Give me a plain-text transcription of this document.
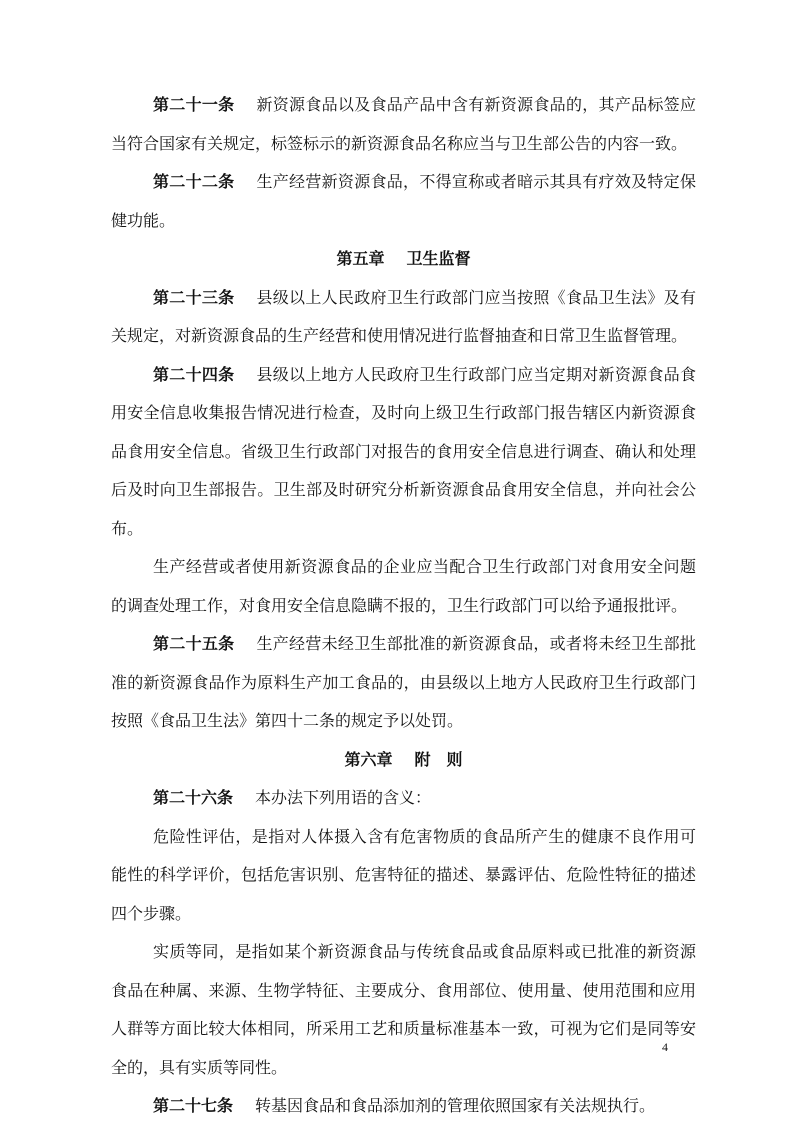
第二十一条 新资源食品以及食品产品中含有新资源食品的，其产品标签应当符合国家有关规定，标签标示的新资源食品名称应当与卫生部公告的内容一致。

第二十二条 生产经营新资源食品，不得宣称或者暗示其具有疗效及特定保健功能。

第五章 卫生监督

第二十三条 县级以上人民政府卫生行政部门应当按照《食品卫生法》及有关规定，对新资源食品的生产经营和使用情况进行监督抽查和日常卫生监督管理。

第二十四条 县级以上地方人民政府卫生行政部门应当定期对新资源食品食用安全信息收集报告情况进行检查，及时向上级卫生行政部门报告辖区内新资源食品食用安全信息。省级卫生行政部门对报告的食用安全信息进行调查、确认和处理后及时向卫生部报告。卫生部及时研究分析新资源食品食用安全信息，并向社会公布。

生产经营或者使用新资源食品的企业应当配合卫生行政部门对食用安全问题的调查处理工作，对食用安全信息隐瞒不报的，卫生行政部门可以给予通报批评。

第二十五条 生产经营未经卫生部批准的新资源食品，或者将未经卫生部批准的新资源食品作为原料生产加工食品的，由县级以上地方人民政府卫生行政部门按照《食品卫生法》第四十二条的规定予以处罚。

第六章 附　则

第二十六条 本办法下列用语的含义：

危险性评估，是指对人体摄入含有危害物质的食品所产生的健康不良作用可能性的科学评价，包括危害识别、危害特征的描述、暴露评估、危险性特征的描述四个步骤。

实质等同，是指如某个新资源食品与传统食品或食品原料或已批准的新资源食品在种属、来源、生物学特征、主要成分、食用部位、使用量、使用范围和应用人群等方面比较大体相同，所采用工艺和质量标准基本一致，可视为它们是同等安全的，具有实质等同性。

第二十七条 转基因食品和食品添加剂的管理依照国家有关法规执行。

4
